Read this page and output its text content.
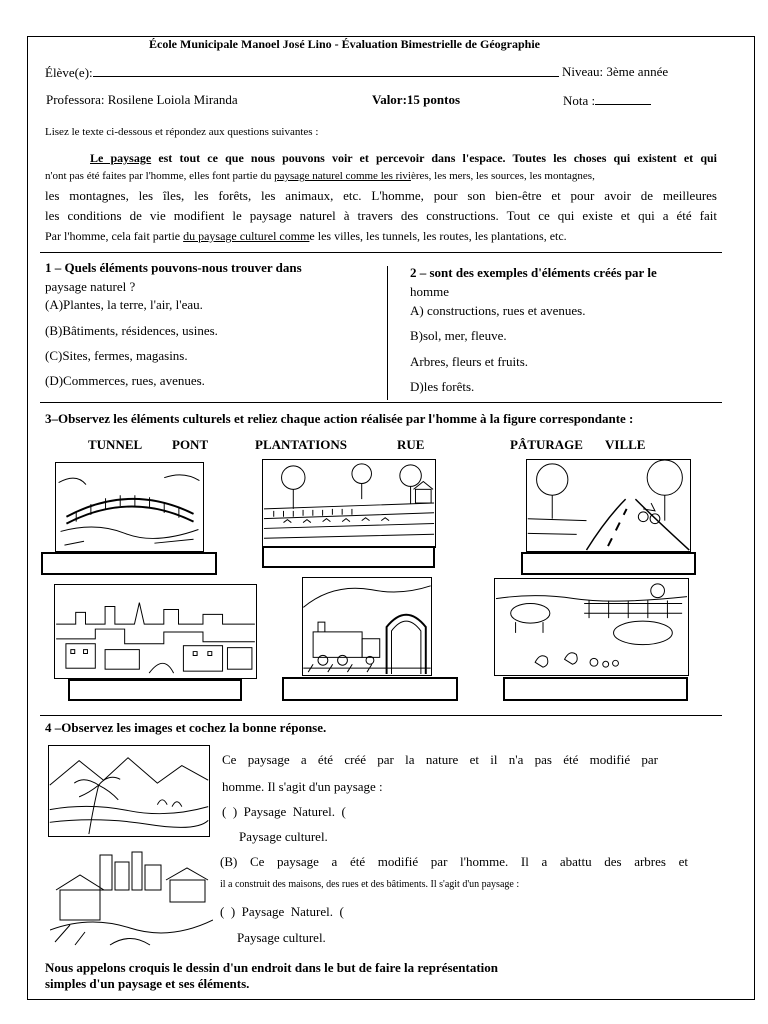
École Municipale Manoel José Lino - Évaluation Bimestrielle de Géographie
Élève(e):	Niveau: 3ème année
Professora: Rosilene Loiola Miranda	Valor:15 pontos	Nota :
Lisez le texte ci-dessous et répondez aux questions suivantes :
Le paysage est tout ce que nous pouvons voir et percevoir dans l'espace. Toutes les choses qui existent et qui
n'ont pas été faites par l'homme, elles font partie du paysage naturel comme les rivières, les mers, les sources, les montagnes,
les montagnes, les îles, les forêts, les animaux, etc. L'homme, pour son bien-être et pour avoir de meilleures
les conditions de vie modifient le paysage naturel à travers des constructions. Tout ce qui existe et qui a été fait
Par l'homme, cela fait partie du paysage culturel comme les villes, les tunnels, les routes, les plantations, etc.
1 – Quels éléments pouvons-nous trouver dans
paysage naturel ?
(A)Plantes, la terre, l'air, l'eau.
(B)Bâtiments, résidences, usines.
(C)Sites, fermes, magasins.
(D)Commerces, rues, avenues.
2 – sont des exemples d'éléments créés par le
homme
A) constructions, rues et avenues.
B)sol, mer, fleuve.
Arbres, fleurs et fruits.
D)les forêts.
3–Observez les éléments culturels et reliez chaque action réalisée par l'homme à la figure correspondante :
TUNNEL PONT	PLANTATIONS	RUE	PÂTURAGE VILLE
4 –Observez les images et cochez la bonne réponse.
Ce paysage a été créé par la nature et il n'a pas été modifié par
homme. Il s'agit d'un paysage :
(  )  Paysage  Naturel.  (
Paysage culturel.
(B) Ce paysage a été modifié par l'homme. Il a abattu des arbres et
il a construit des maisons, des rues et des bâtiments. Il s'agit d'un paysage :
(  )  Paysage  Naturel.  (
Paysage culturel.
Nous appelons croquis le dessin d'un endroit dans le but de faire la représentation
simples d'un paysage et ses éléments.
